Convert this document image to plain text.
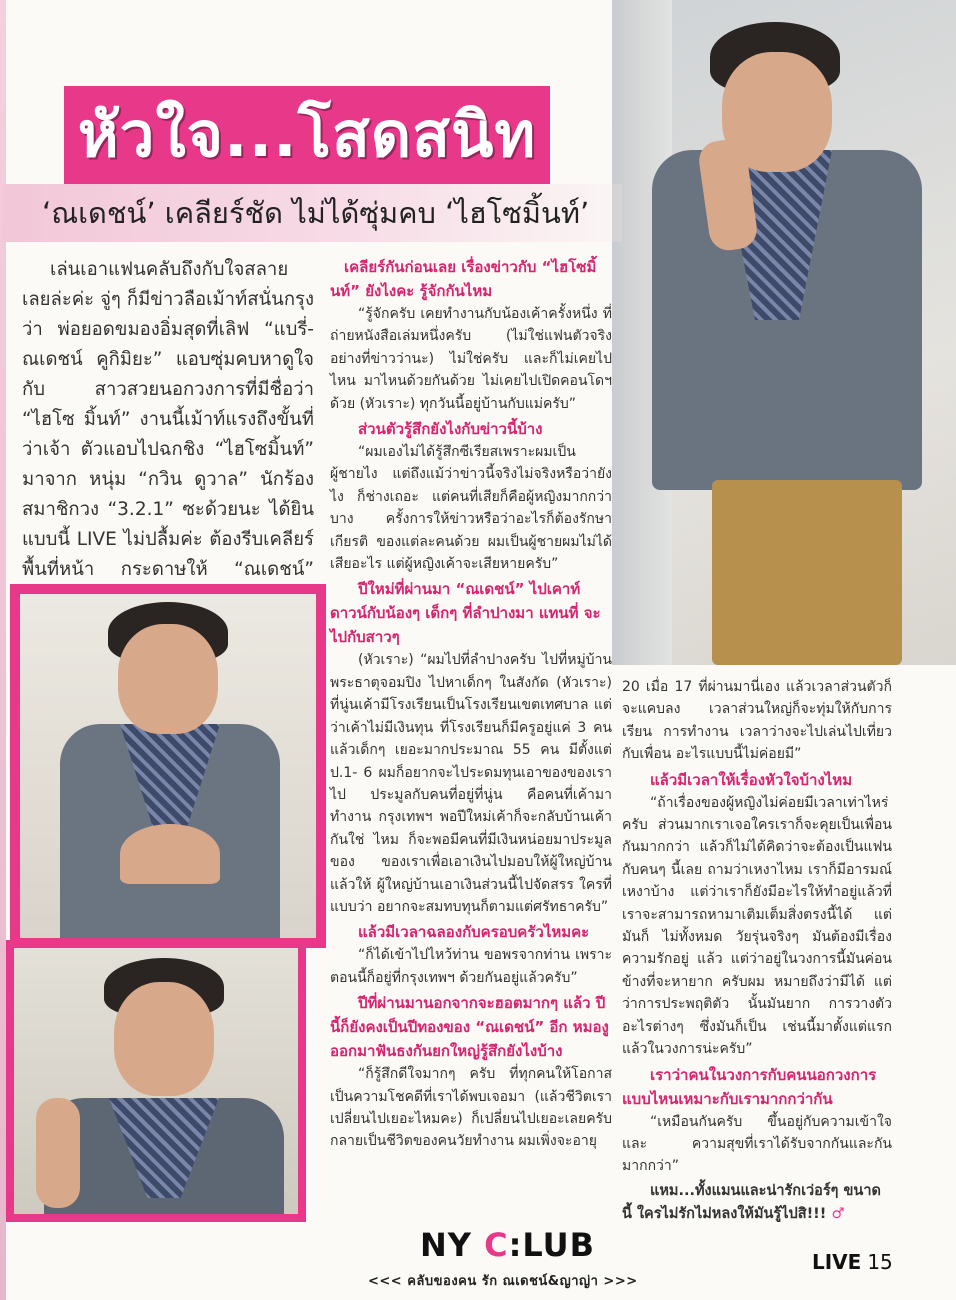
หัวใจ...โสดสนิท
‘ณเดชน์’ เคลียร์ชัด ไม่ได้ซุ่มคบ ‘ไฮโซมิ้นท์’

เล่นเอาแฟนคลับถึงกับใจสลาย เลยล่ะค่ะ จู่ๆ ก็มีข่าวลือเม้าท์สนั่นกรุง ว่า พ่อยอดขมองอิ่มสุดที่เลิฟ “แบรี่- ณเดชน์ คูกิมิยะ” แอบซุ่มคบหาดูใจกับ สาวสวยนอกวงการที่มีชื่อว่า “ไฮโซ มิ้นท์” งานนี้เม้าท์แรงถึงขั้นที่ว่าเจ้า ตัวแอบไปฉกชิง “ไฮโซมิ้นท์” มาจาก หนุ่ม “กวิน ดูวาล” นักร้องสมาชิกวง “3.2.1” ซะด้วยนะ ได้ยินแบบนี้ LIVE ไม่ปลื้มค่ะ ต้องรีบเคลียร์พื้นที่หน้า กระดาษให้ “ณเดชน์”

เคลียร์กันก่อนเลย เรื่องข่าวกับ “ไฮโซมิ้นท์” ยังไงคะ รู้จักกันไหม

“รู้จักครับ เคยทำงานกับน้องเค้าครั้งหนึ่ง ที่ถ่ายหนังสือเล่มหนึ่งครับ (ไม่ใช่แฟนตัวจริง อย่างที่ข่าวว่านะ) ไม่ใช่ครับ และก็ไม่เคยไปไหน มาไหนด้วยกันด้วย ไม่เคยไปเปิดคอนโดฯ ด้วย (หัวเราะ) ทุกวันนี้อยู่บ้านกับแม่ครับ”

ส่วนตัวรู้สึกยังไงกับข่าวนี้บ้าง

“ผมเองไม่ได้รู้สึกซีเรียสเพราะผมเป็น ผู้ชายไง แต่ถึงแม้ว่าข่าวนี้จริงไม่จริงหรือว่ายังไง ก็ช่างเถอะ แต่คนที่เสียก็คือผู้หญิงมากกว่า บาง ครั้งการให้ข่าวหรือว่าอะไรก็ต้องรักษาเกียรติ ของแต่ละคนด้วย ผมเป็นผู้ชายผมไม่ได้เสียอะไร แต่ผู้หญิงเค้าจะเสียหายครับ”

ปีใหม่ที่ผ่านมา “ณเดชน์” ไปเคาท์ ดาวน์กับน้องๆ เด็กๆ ที่ลำปางมา แทนที่ จะไปกับสาวๆ

(หัวเราะ) “ผมไปที่ลำปางครับ ไปที่หมู่บ้าน พระธาตุจอมปิง ไปหาเด็กๆ ในสังกัด (หัวเราะ) ที่นู่นเค้ามีโรงเรียนเป็นโรงเรียนเขตเทศบาล แต่ ว่าเค้าไม่มีเงินทุน ที่โรงเรียนก็มีครูอยู่แค่ 3 คน แล้วเด็กๆ เยอะมากประมาณ 55 คน มีตั้งแต่ ป.1- 6 ผมก็อยากจะไประดมทุนเอาของของเราไป ประมูลกับคนที่อยู่ที่นู่น คือคนที่เค้ามาทำงาน กรุงเทพฯ พอปีใหม่เค้าก็จะกลับบ้านเค้ากันใช่ ไหม ก็จะพอมีคนที่มีเงินหน่อยมาประมูลของ ของเราเพื่อเอาเงินไปมอบให้ผู้ใหญ่บ้าน แล้วให้ ผู้ใหญ่บ้านเอาเงินส่วนนี้ไปจัดสรร ใครที่แบบว่า อยากจะสมทบทุนก็ตามแต่ศรัทธาครับ”

แล้วมีเวลาฉลองกับครอบครัวไหมคะ

“ก็ได้เข้าไปไหว้ท่าน ขอพรจากท่าน เพราะ ตอนนี้ก็อยู่ที่กรุงเทพฯ ด้วยกันอยู่แล้วครับ”

ปีที่ผ่านมานอกจากจะฮอตมากๆ แล้ว ปีนี้ก็ยังคงเป็นปีทองของ “ณเดชน์” อีก หมองูออกมาฟันธงกันยกใหญ่รู้สึกยังไงบ้าง

“ก็รู้สึกดีใจมากๆ ครับ ที่ทุกคนให้โอกาส เป็นความโชคดีที่เราได้พบเจอมา (แล้วชีวิตเรา เปลี่ยนไปเยอะไหมคะ) ก็เปลี่ยนไปเยอะเลยครับ กลายเป็นชีวิตของคนวัยทำงาน ผมเพิ่งจะอายุ

20 เมื่อ 17 ที่ผ่านมานี่เอง แล้วเวลาส่วนตัวก็ จะแคบลง เวลาส่วนใหญ่ก็จะทุ่มให้กับการเรียน การทำงาน เวลาว่างจะไปเล่นไปเที่ยวกับเพื่อน อะไรแบบนี้ไม่ค่อยมี”

แล้วมีเวลาให้เรื่องหัวใจบ้างไหม

“ถ้าเรื่องของผู้หญิงไม่ค่อยมีเวลาเท่าไหร่ ครับ ส่วนมากเราเจอใครเราก็จะคุยเป็นเพื่อน กันมากกว่า แล้วก็ไม่ได้คิดว่าจะต้องเป็นแฟน กับคนๆ นี้เลย ถามว่าเหงาไหม เราก็มีอารมณ์ เหงาบ้าง แต่ว่าเราก็ยังมีอะไรให้ทำอยู่แล้วที่ เราจะสามารถหามาเติมเต็มสิ่งตรงนี้ได้ แต่มันก็ ไม่ทั้งหมด วัยรุ่นจริงๆ มันต้องมีเรื่องความรักอยู่ แล้ว แต่ว่าอยู่ในวงการนี้มันค่อนข้างที่จะหายาก ครับผม หมายถึงว่ามีได้ แต่ว่าการประพฤติตัว นั้นมันยาก การวางตัวอะไรต่างๆ ซึ่งมันก็เป็น เช่นนี้มาตั้งแต่แรกแล้วในวงการน่ะครับ”

เราว่าคนในวงการกับคนนอกวงการ แบบไหนเหมาะกับเรามากกว่ากัน

“เหมือนกันครับ ขึ้นอยู่กับความเข้าใจ และ ความสุขที่เราได้รับจากกันและกันมากกว่า”

แหม...ทั้งแมนและน่ารักเว่อร์ๆ ขนาด นี้ ใครไม่รักไม่หลงให้มันรู้ไปสิ!!! ♂

NY C:LUB
<<< คลับของคน รัก ณเดชน์&ญาญ่า >>>
LIVE 15
